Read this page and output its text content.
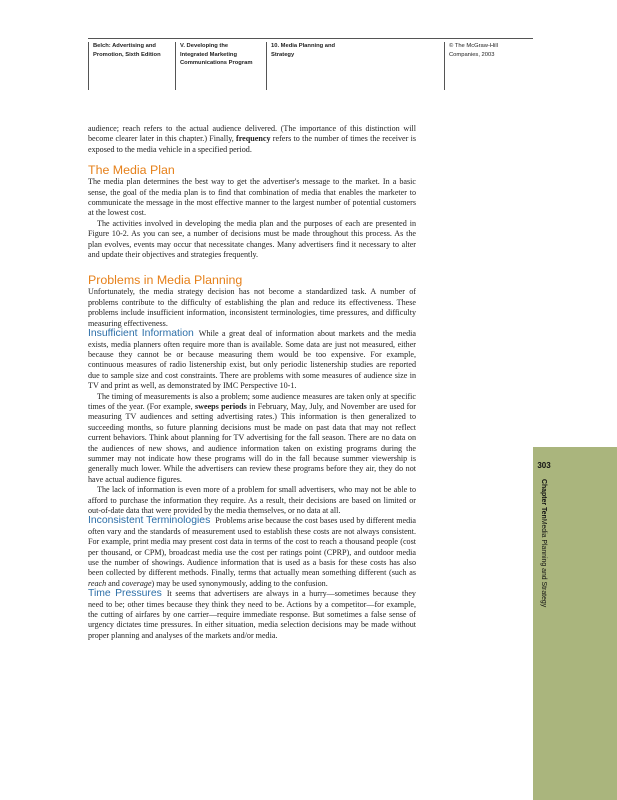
Belch: Advertising and
Promotion, Sixth Edition
V. Developing the
Integrated Marketing
Communications Program
10. Media Planning and
Strategy
© The McGraw-Hill
Companies, 2003

audience; reach refers to the actual audience delivered. (The importance of this distinction will become clearer later in this chapter.) Finally, frequency refers to the number of times the receiver is exposed to the media vehicle in a specified period.

The Media Plan

The media plan determines the best way to get the advertiser's message to the market. In a basic sense, the goal of the media plan is to find that combination of media that enables the marketer to communicate the message in the most effective manner to the largest number of potential customers at the lowest cost.

The activities involved in developing the media plan and the purposes of each are presented in Figure 10-2. As you can see, a number of decisions must be made throughout this process. As the plan evolves, events may occur that necessitate changes. Many advertisers find it necessary to alter and update their objectives and strategies frequently.

Problems in Media Planning

Unfortunately, the media strategy decision has not become a standardized task. A number of problems contribute to the difficulty of establishing the plan and reduce its effectiveness. These problems include insufficient information, inconsistent terminologies, time pressures, and difficulty measuring effectiveness.

Insufficient Information While a great deal of information about markets and the media exists, media planners often require more than is available. Some data are just not measured, either because they cannot be or because measuring them would be too expensive. For example, continuous measures of radio listenership exist, but only periodic listenership studies are reported due to sample size and cost constraints. There are problems with some measures of audience size in TV and print as well, as demonstrated by IMC Perspective 10-1.

The timing of measurements is also a problem; some audience measures are taken only at specific times of the year. (For example, sweeps periods in February, May, July, and November are used for measuring TV audiences and setting advertising rates.) This information is then generalized to succeeding months, so future planning decisions must be made on past data that may not reflect current behaviors. Think about planning for TV advertising for the fall season. There are no data on the audiences of new shows, and audience information taken on existing programs during the summer may not indicate how these programs will do in the fall because summer viewership is generally much lower. While the advertisers can review these programs before they air, they do not have actual audience figures.

The lack of information is even more of a problem for small advertisers, who may not be able to afford to purchase the information they require. As a result, their decisions are based on limited or out-of-date data that were provided by the media themselves, or no data at all.

Inconsistent Terminologies Problems arise because the cost bases used by different media often vary and the standards of measurement used to establish these costs are not always consistent. For example, print media may present cost data in terms of the cost to reach a thousand people (cost per thousand, or CPM), broadcast media use the cost per ratings point (CPRP), and outdoor media use the number of showings. Audience information that is used as a basis for these costs has also been collected by different methods. Finally, terms that actually mean something different (such as reach and coverage) may be used synonymously, adding to the confusion.

Time Pressures It seems that advertisers are always in a hurry—sometimes because they need to be; other times because they think they need to be. Actions by a competitor—for example, the cutting of airfares by one carrier—require immediate response. But sometimes a false sense of urgency dictates time pressures. In either situation, media selection decisions may be made without proper planning and analyses of the markets and/or media.

303
Chapter TenMedia Planning and Strategy
